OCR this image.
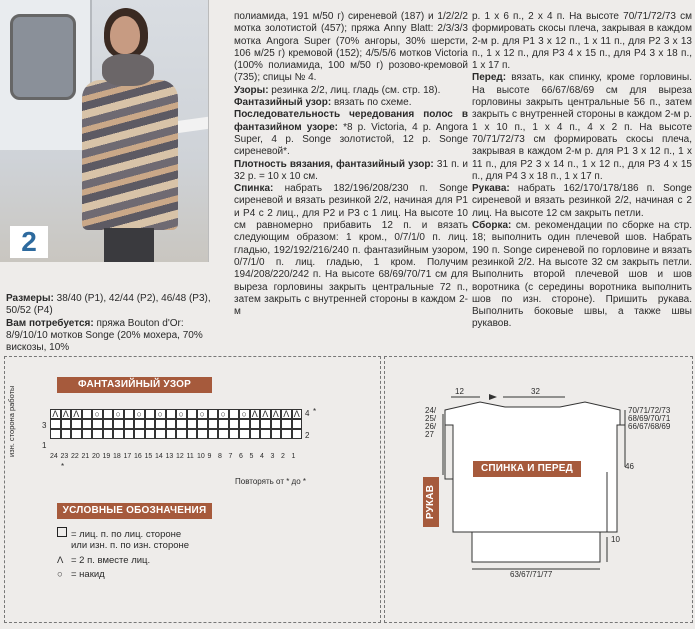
2

Размеры: 38/40 (P1), 42/44 (P2), 46/48 (P3), 50/52 (P4)

Вам потребуется: пряжа Bouton d'Or: 8/9/10/10 мотков Songe (20% мохера, 70% вискозы, 10%

полиамида, 191 м/50 г) сиреневой (187) и 1/2/2/2 мотка золотистой (457); пряжа Anny Blatt: 2/3/3/3 мотка Angora Super (70% ангоры, 30% шерсти, 106 м/25 г) кремовой (152); 4/5/5/6 мотков Victoria (100% полиамида, 100 м/50 г) розово-кремовой (735); спицы № 4.

Узоры: резинка 2/2, лиц. гладь (см. стр. 18).

Фантазийный узор: вязать по схеме.

Последовательность чередования полос в фантазийном узоре: *8 p. Victoria, 4 p. Angora Super, 4 p. Songe золотистой, 12 p. Songe сиреневой*.

Плотность вязания, фантазийный узор: 31 п. и 32 р. = 10 х 10 см.

Спинка: набрать 182/196/208/230 п. Songe сиреневой и вязать резинкой 2/2, начиная для P1 и P4 с 2 лиц., для P2 и P3 с 1 лиц. На высоте 10 см равномерно прибавить 12 п. и вязать следующим образом: 1 кром., 0/7/1/0 п. лиц. гладью, 192/192/216/240 п. фантазийным узором, 0/7/1/0 п. лиц. гладью, 1 кром. Получим 194/208/220/242 п. На высоте 68/69/70/71 см для выреза горловины закрыть центральные 72 п., затем закрыть с внутренней стороны в каждом 2-м

р. 1 х 6 п., 2 х 4 п. На высоте 70/71/72/73 см формировать скосы плеча, закрывая в каждом 2-м р. для P1 3 х 12 п., 1 х 11 п., для P2 3 х 13 п., 1 х 12 п., для P3 4 х 15 п., для P4 3 х 18 п., 1 х 17 п.

Перед: вязать, как спинку, кроме горловины. На высоте 66/67/68/69 см для выреза горловины закрыть центральные 56 п., затем закрыть с внутренней стороны в каждом 2-м р. 1 х 10 п., 1 х 4 п., 4 х 2 п. На высоте 70/71/72/73 см формировать скосы плеча, закрывая в каждом 2-м р. для P1 3 х 12 п., 1 х 11 п., для P2 3 х 14 п., 1 х 12 п., для P3 4 х 15 п., для P4 3 х 18 п., 1 х 17 п.

Рукава: набрать 162/170/178/186 п. Songe сиреневой и вязать резинкой 2/2, начиная с 2 лиц. На высоте 12 см закрыть петли.

Сборка: см. рекомендации по сборке на стр. 18; выполнить один плечевой шов. Набрать 190 п. Songe сиреневой по горловине и вязать резинкой 2/2. На высоте 32 см закрыть петли. Выполнить второй плечевой шов и шов воротника (с середины воротника выполнить шов по изн. стороне). Пришить рукава. Выполнить боковые швы, а также швы рукавов.

ФАНТАЗИЙНЫЙ УЗОР
изн. сторона работы	Λ Λ Λ ○ ○ ○ ○ ○ ○ ○ ○ Λ Λ Λ Λ Λ
3
1
4
2
*
24 23 22 21 20 19 18 17 16 15 14 13 12 11 10 9 8 7 6 5 4 3 2 1
*
Повторять от * до *
УСЛОВНЫЕ ОБОЗНАЧЕНИЯ
= лиц. п. по лиц. стороне
или изн. п. по изн. стороне
Λ = 2 п. вместе лиц.
○ = накид
12	32
24/
25/
26/
27
70/71/72/73
68/69/70/71
66/67/68/69
46
10
63/67/71/77
СПИНКА И ПЕРЕД
РУКАВ
